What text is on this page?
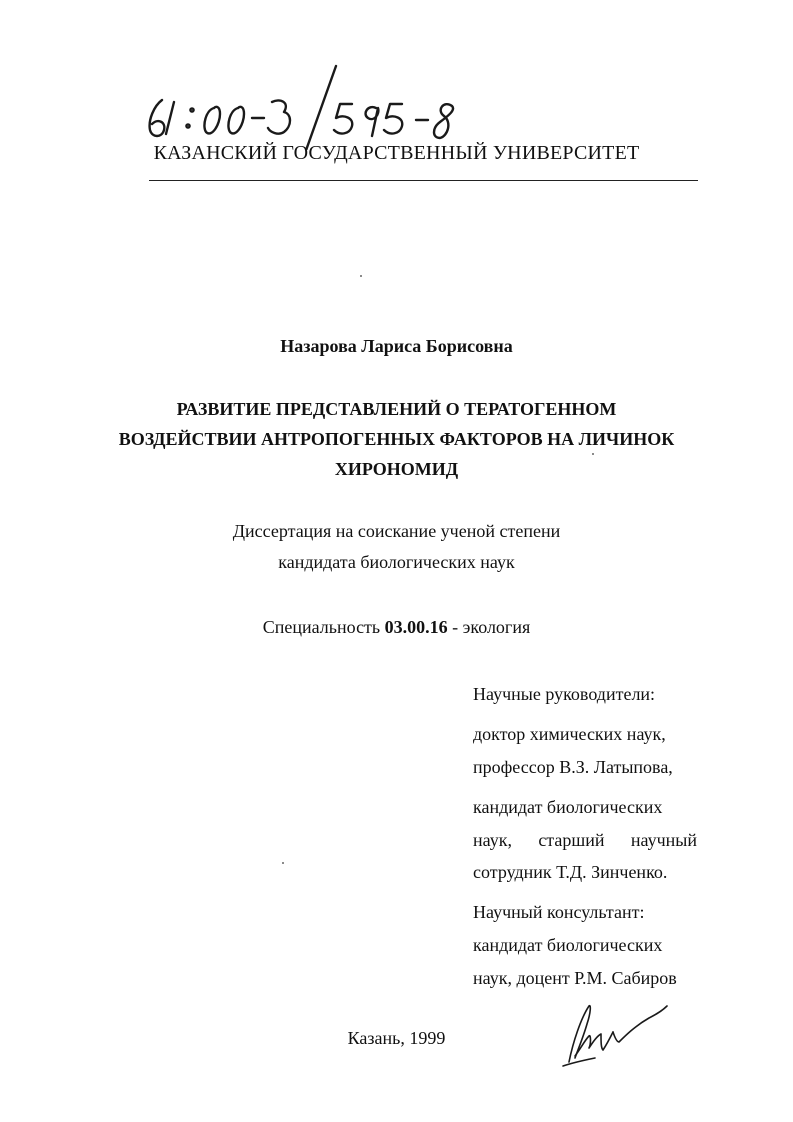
КАЗАНСКИЙ ГОСУДАРСТВЕННЫЙ УНИВЕРСИТЕТ
Назарова Лариса Борисовна
РАЗВИТИЕ ПРЕДСТАВЛЕНИЙ О ТЕРАТОГЕННОМ
ВОЗДЕЙСТВИИ АНТРОПОГЕННЫХ ФАКТОРОВ НА ЛИЧИНОК
ХИРОНОМИД
Диссертация на соискание ученой степени
кандидата биологических наук
Специальность 03.00.16 - экология
Научные руководители:
доктор химических наук,
профессор В.З. Латыпова,
кандидат биологических
наук, старший научный
сотрудник Т.Д. Зинченко.
Научный консультант:
кандидат биологических
наук, доцент Р.М. Сабиров
Казань, 1999
